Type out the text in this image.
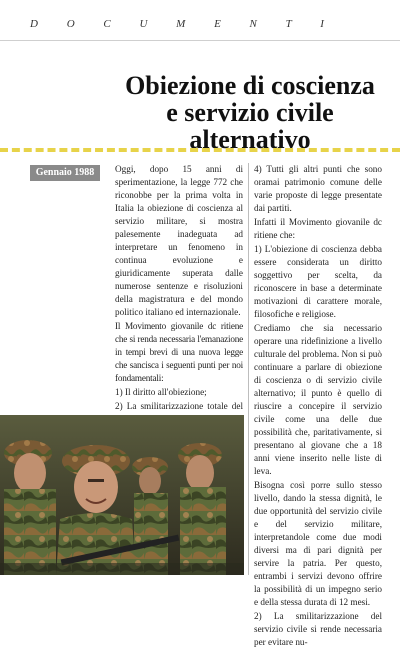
D O C U M E N T I
Obiezione di coscienza
e servizio civile
alternativo
Gennaio 1988	Oggi, dopo 15 anni di sperimentazione, la legge 772 che riconobbe per la prima volta in Italia la obiezione di coscienza al servizio militare, si mostra palesemente inadeguata ad interpretare un fenomeno in continua evoluzione e giuridicamente superata dalle numerose sentenze e risoluzioni della magistratura e del mondo politico italiano ed internazionale.

Il Movimento giovanile dc ritiene che si renda necessaria l'emanazione in tempi brevi di una nuova legge che sancisca i seguenti punti per noi fondamentali:

1) Il diritto all'obiezione;

2) La smilitarizzazione totale del

4) Tutti gli altri punti che sono oramai patrimonio comune delle varie proposte di legge presentate dai partiti.

Infatti il Movimento giovanile dc ritiene che:

1) L'obiezione di coscienza debba essere considerata un diritto soggettivo per scelta, da riconoscere in base a determinate motivazioni di carattere morale, filosofiche e religiose.

Crediamo che sia necessario operare una ridefinizione a livello culturale del problema. Non si può continuare a parlare di obiezione di coscienza o di servizio civile alternativo; il punto è quello di riuscire a concepire il servizio civile come una delle due possibilità che, paritativamente, si presentano al giovane che a 18 anni viene inserito nelle liste di leva.

Bisogna così porre sullo stesso livello, dando la stessa dignità, le due opportunità del servizio civile e del servizio militare, interpretandole come due modi diversi ma di pari dignità per servire la patria. Per questo, entrambi i servizi devono offrire la possibilità di un impegno serio e della stessa durata di 12 mesi.

2) La smilitarizzazione del servizio civile si rende necessaria per evitare nu-
